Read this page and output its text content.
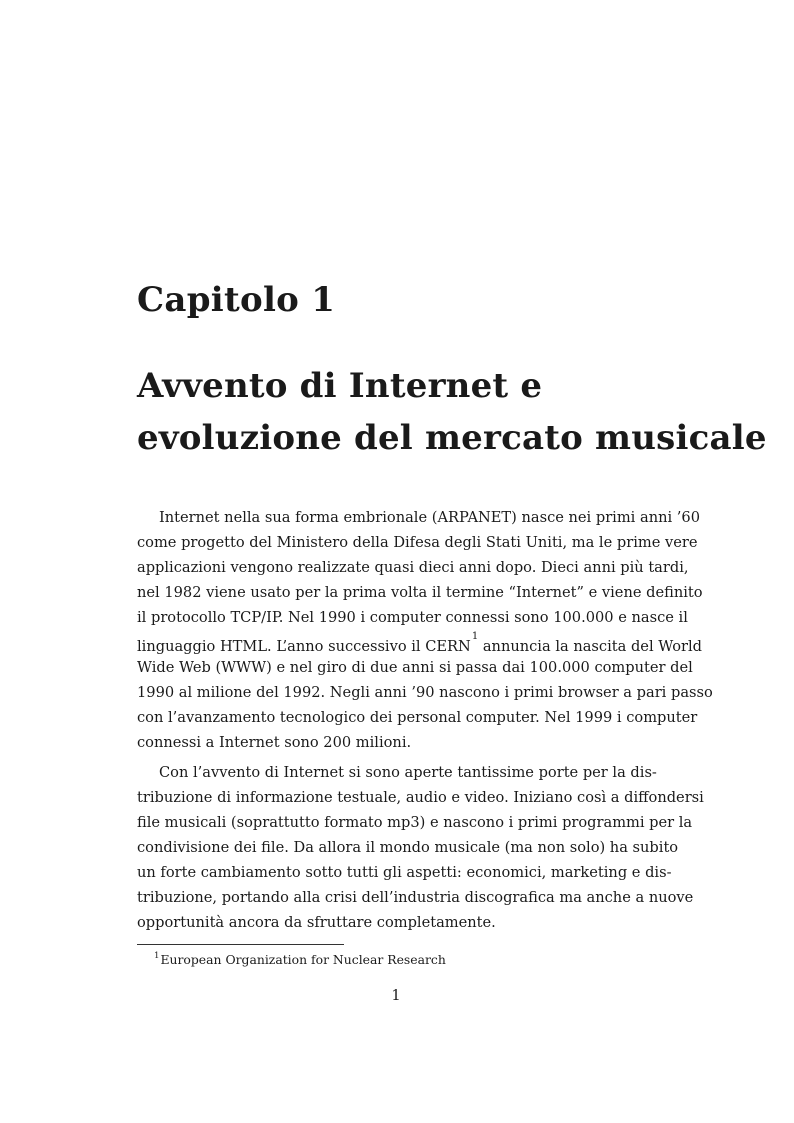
Capitolo 1
Avvento di Internet e
evoluzione del mercato musicale
Internet nella sua forma embrionale (ARPANET) nasce nei primi anni ’60
come progetto del Ministero della Difesa degli Stati Uniti, ma le prime vere
applicazioni vengono realizzate quasi dieci anni dopo. Dieci anni più tardi,
nel 1982 viene usato per la prima volta il termine “Internet” e viene definito
il protocollo TCP/IP. Nel 1990 i computer connessi sono 100.000 e nasce il
linguaggio HTML. L’anno successivo il CERN$^1$ annuncia la nascita del World
Wide Web (WWW) e nel giro di due anni si passa dai 100.000 computer del
1990 al milione del 1992. Negli anni ’90 nascono i primi browser a pari passo
con l’avanzamento tecnologico dei personal computer. Nel 1999 i computer
connessi a Internet sono 200 milioni.
Con l’avvento di Internet si sono aperte tantissime porte per la dis-
tribuzione di informazione testuale, audio e video. Iniziano così a diffondersi
file musicali (soprattutto formato mp3) e nascono i primi programmi per la
condivisione dei file. Da allora il mondo musicale (ma non solo) ha subito
un forte cambiamento sotto tutti gli aspetti: economici, marketing e dis-
tribuzione, portando alla crisi dell’industria discografica ma anche a nuove
opportunità ancora da sfruttare completamente.
$^1$European Organization for Nuclear Research
1
